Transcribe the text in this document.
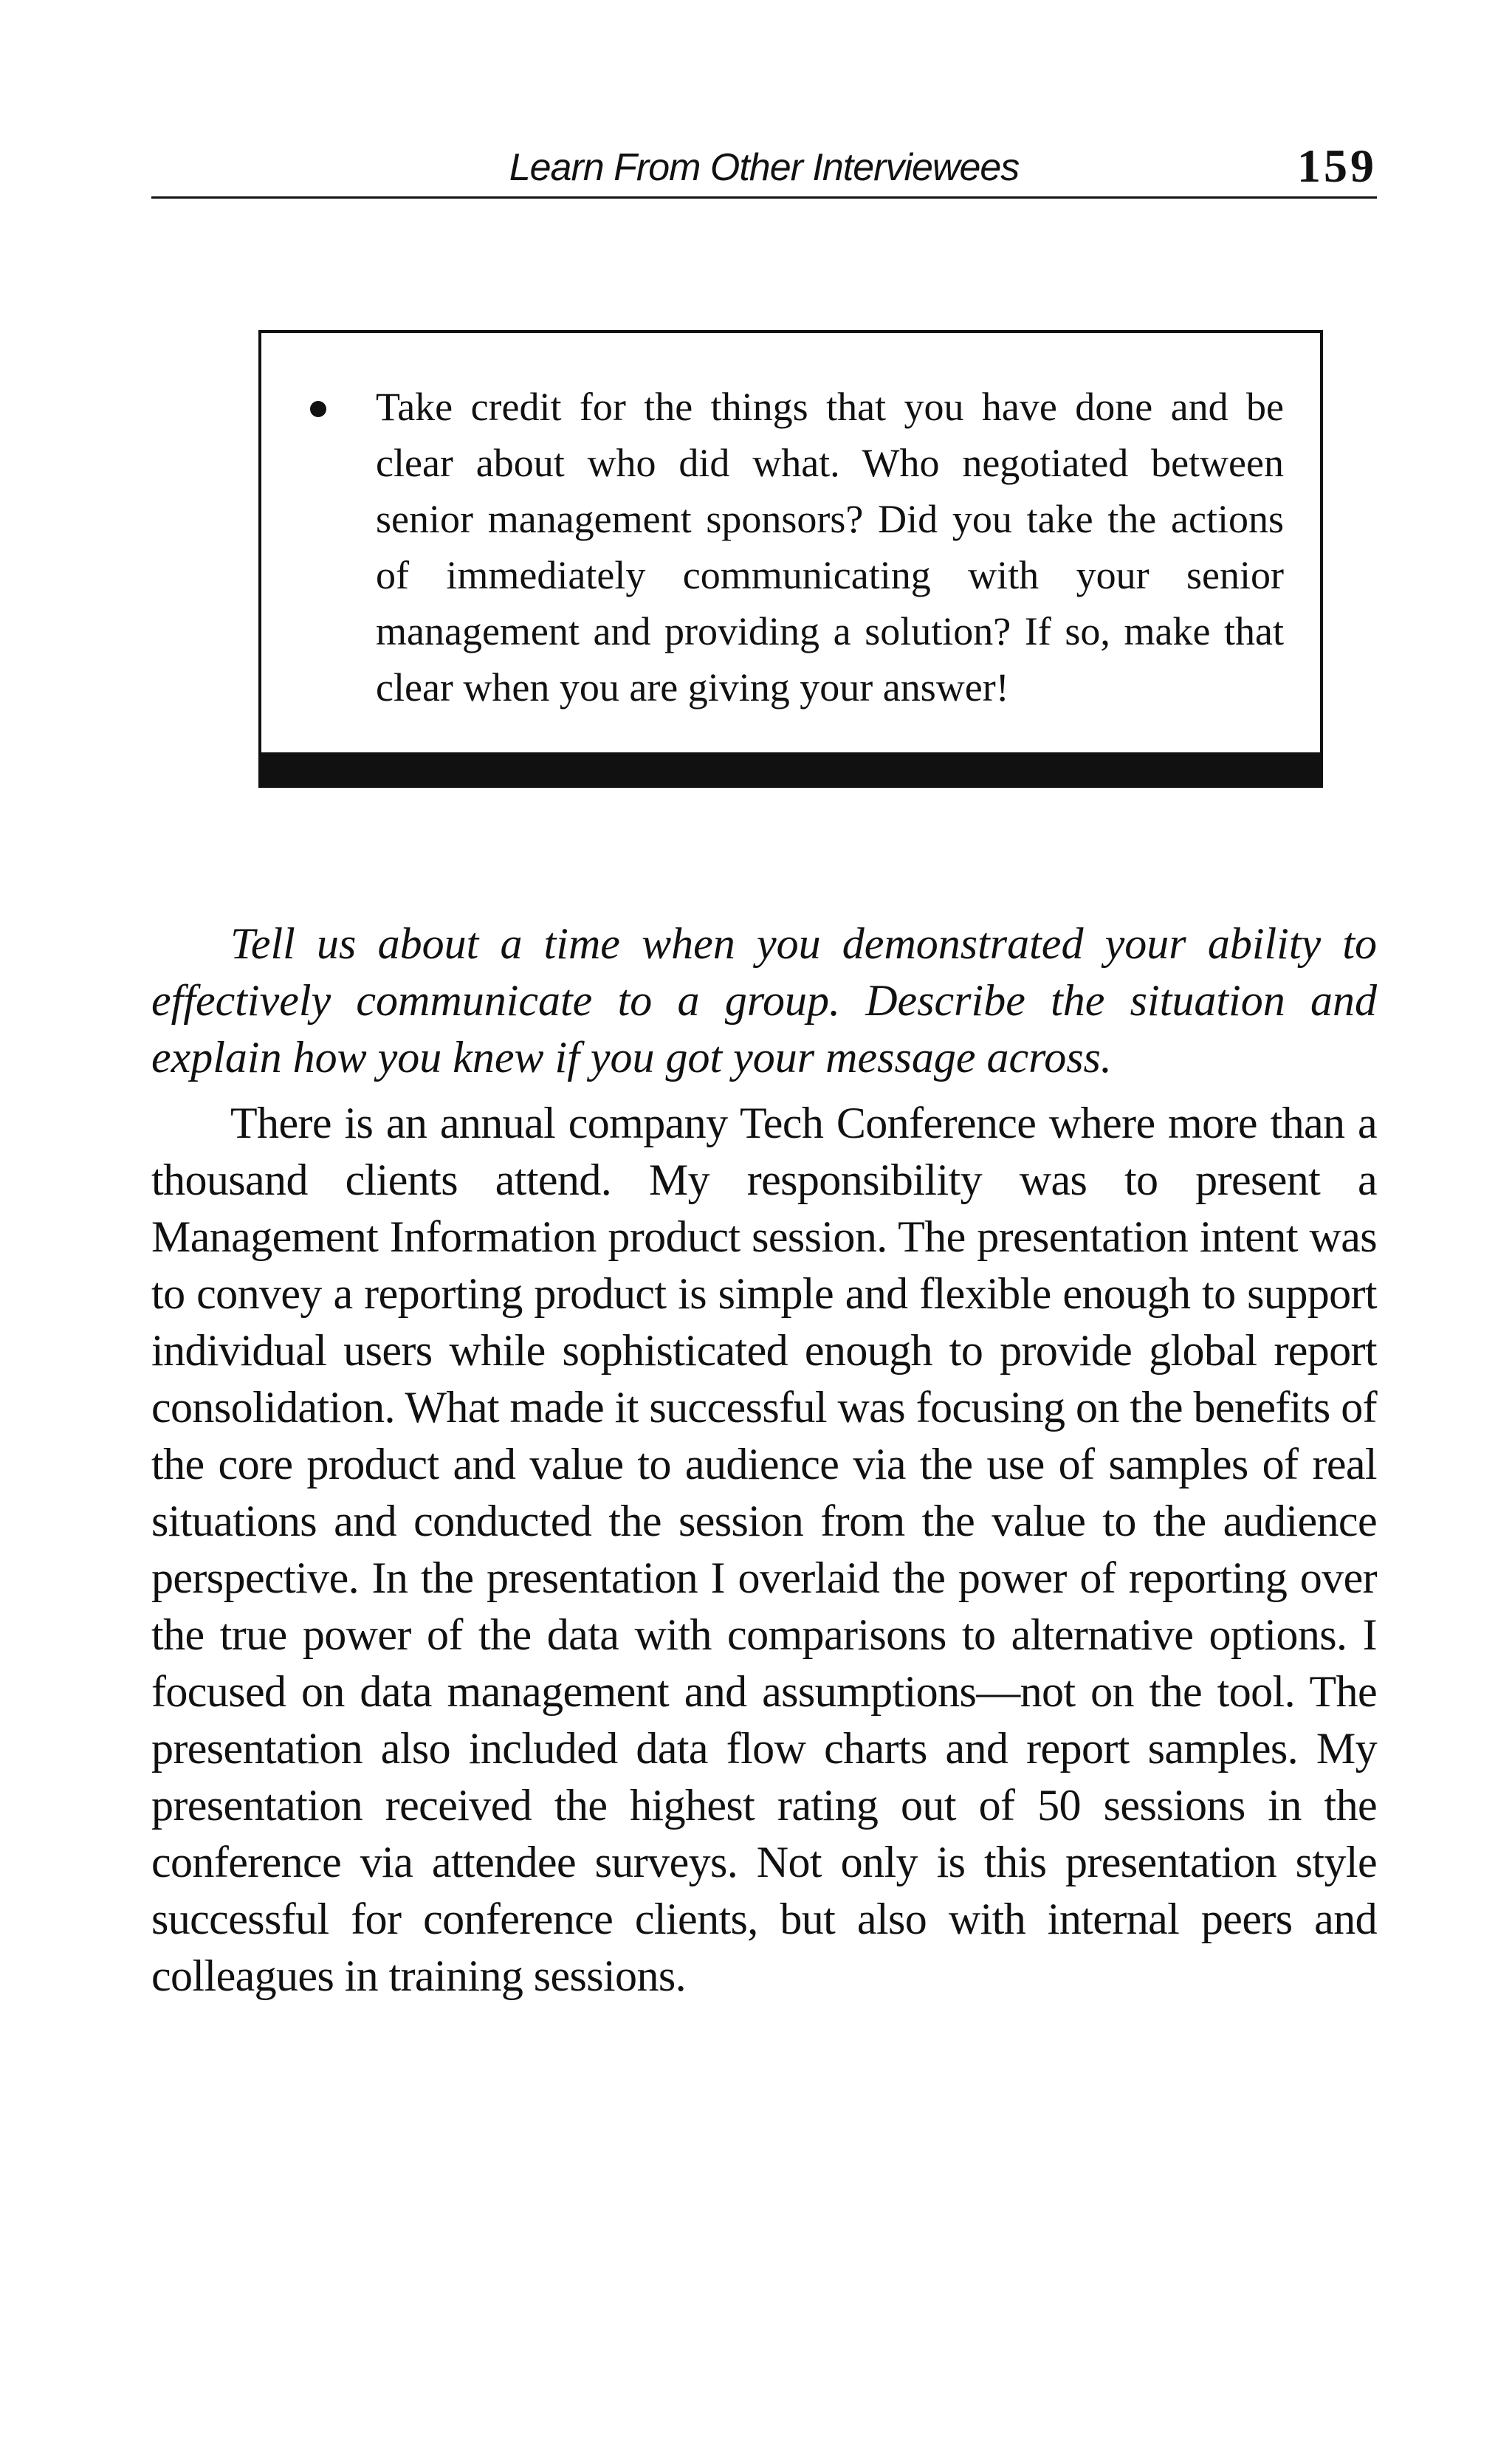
Learn From Other Interviewees	159

Take credit for the things that you have done and be clear about who did what. Who negotiated between senior management sponsors? Did you take the actions of immediately communicating with your senior management and providing a solution? If so, make that clear when you are giving your answer!

Tell us about a time when you demonstrated your ability to effectively communicate to a group. Describe the situation and explain how you knew if you got your message across.

There is an annual company Tech Conference where more than a thousand clients attend. My responsibility was to present a Management Information product session. The presentation intent was to convey a reporting product is simple and flexible enough to support individual users while sophisticated enough to provide global report consolidation. What made it successful was focusing on the benefits of the core product and value to audience via the use of samples of real situations and conducted the session from the value to the audience perspective. In the presentation I overlaid the power of reporting over the true power of the data with comparisons to alternative options. I focused on data management and assumptions—not on the tool. The presentation also included data flow charts and report samples. My presentation received the highest rating out of 50 sessions in the conference via attendee surveys. Not only is this presentation style successful for conference clients, but also with internal peers and colleagues in training sessions.
